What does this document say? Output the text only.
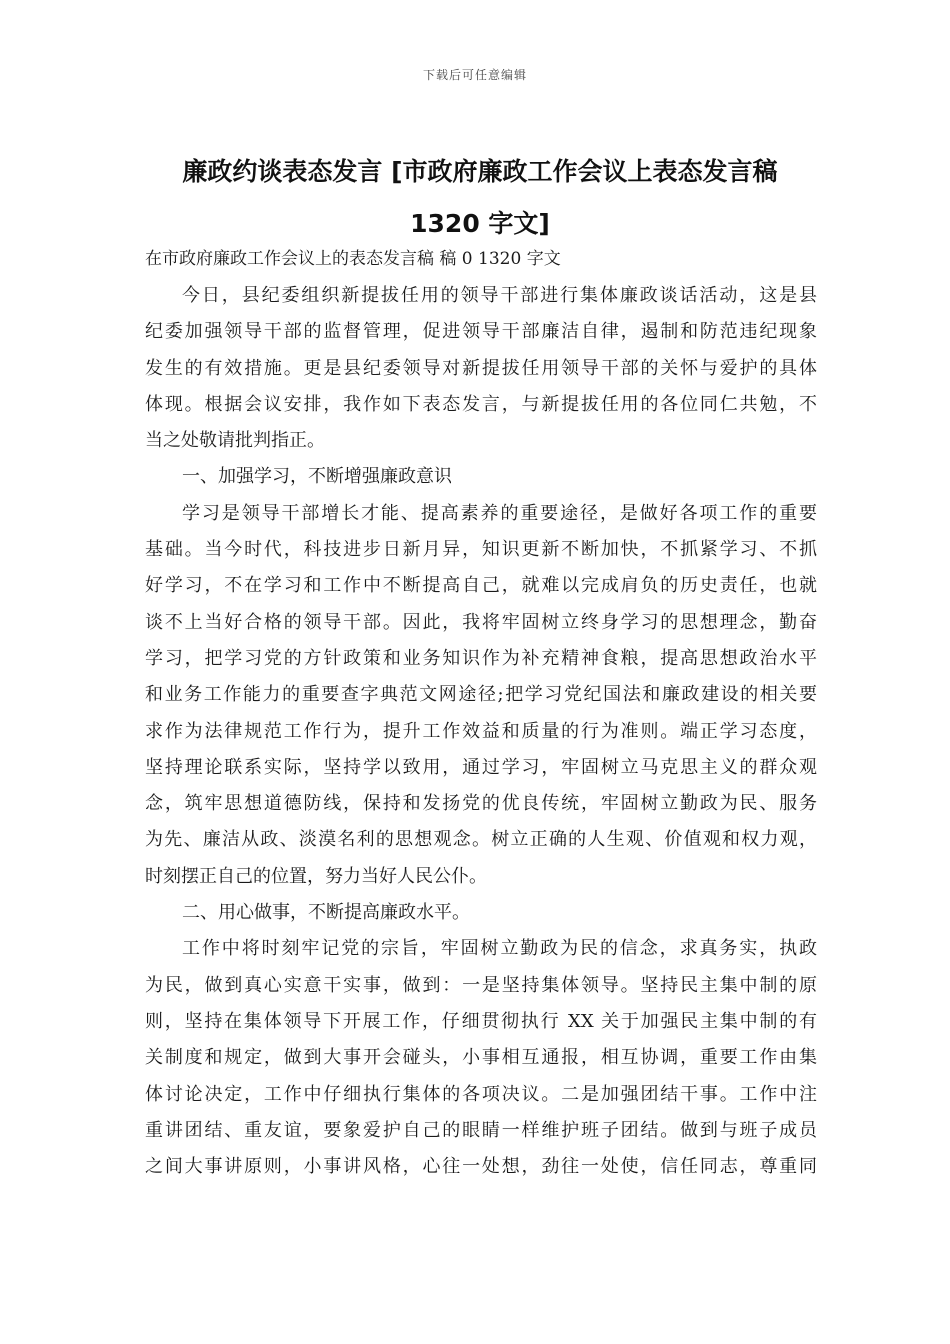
下载后可任意编辑
廉政约谈表态发言 [市政府廉政工作会议上表态发言稿
1320 字文]
在市政府廉政工作会议上的表态发言稿 稿 0 1320 字文
今日，县纪委组织新提拔任用的领导干部进行集体廉政谈话活动，这是县
纪委加强领导干部的监督管理，促进领导干部廉洁自律，遏制和防范违纪现象
发生的有效措施。更是县纪委领导对新提拔任用领导干部的关怀与爱护的具体
体现。根据会议安排，我作如下表态发言，与新提拔任用的各位同仁共勉，不
当之处敬请批判指正。
一、加强学习，不断增强廉政意识
学习是领导干部增长才能、提高素养的重要途径，是做好各项工作的重要
基础。当今时代，科技进步日新月异，知识更新不断加快，不抓紧学习、不抓
好学习，不在学习和工作中不断提高自己，就难以完成肩负的历史责任，也就
谈不上当好合格的领导干部。因此，我将牢固树立终身学习的思想理念，勤奋
学习，把学习党的方针政策和业务知识作为补充精神食粮，提高思想政治水平
和业务工作能力的重要查字典范文网途径;把学习党纪国法和廉政建设的相关要
求作为法律规范工作行为，提升工作效益和质量的行为准则。端正学习态度，
坚持理论联系实际，坚持学以致用，通过学习，牢固树立马克思主义的群众观
念，筑牢思想道德防线，保持和发扬党的优良传统，牢固树立勤政为民、服务
为先、廉洁从政、淡漠名利的思想观念。树立正确的人生观、价值观和权力观，
时刻摆正自己的位置，努力当好人民公仆。
二、用心做事，不断提高廉政水平。
工作中将时刻牢记党的宗旨，牢固树立勤政为民的信念，求真务实，执政
为民，做到真心实意干实事，做到：一是坚持集体领导。坚持民主集中制的原
则，坚持在集体领导下开展工作，仔细贯彻执行 XX 关于加强民主集中制的有
关制度和规定，做到大事开会碰头，小事相互通报，相互协调，重要工作由集
体讨论决定，工作中仔细执行集体的各项决议。二是加强团结干事。工作中注
重讲团结、重友谊，要象爱护自己的眼睛一样维护班子团结。做到与班子成员
之间大事讲原则，小事讲风格，心往一处想，劲往一处使，信任同志，尊重同
